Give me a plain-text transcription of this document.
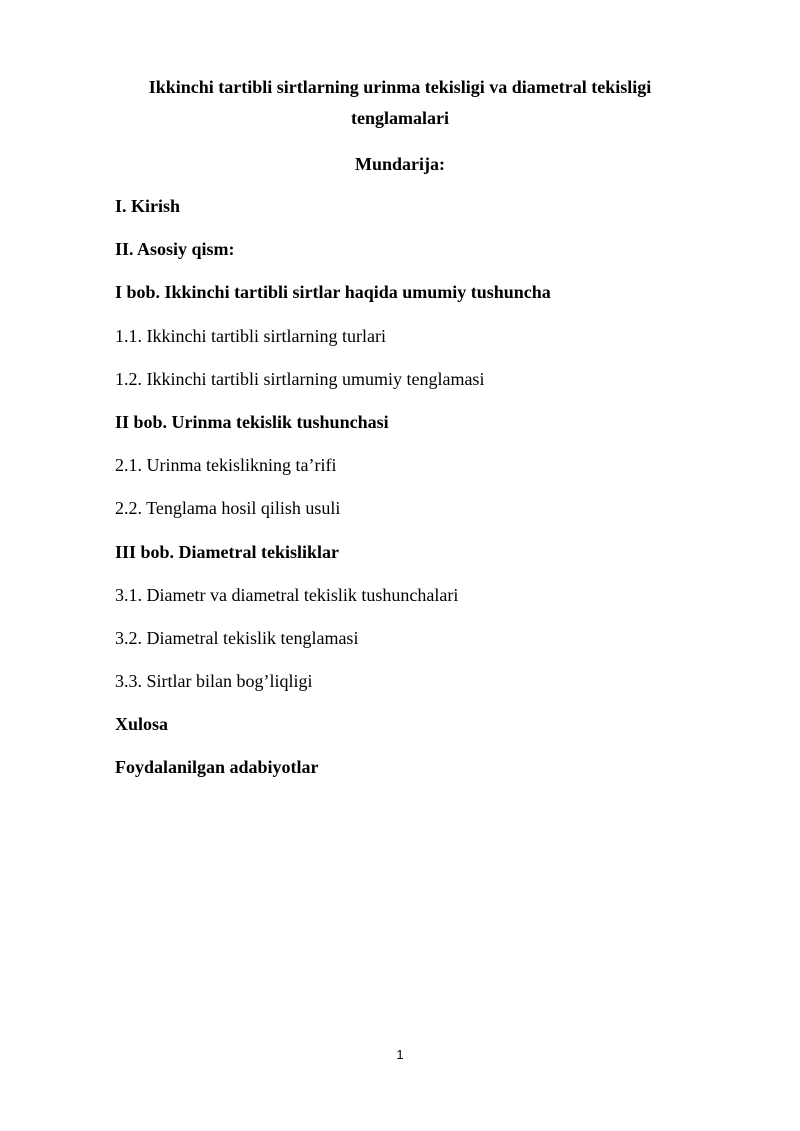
Ikkinchi tartibli sirtlarning urinma tekisligi va diametral tekisligi tenglamalari
Mundarija:
I. Kirish
II. Asosiy qism:
I bob. Ikkinchi tartibli sirtlar haqida umumiy tushuncha
1.1. Ikkinchi tartibli sirtlarning turlari
1.2. Ikkinchi tartibli sirtlarning umumiy tenglamasi
II bob. Urinma tekislik tushunchasi
2.1. Urinma tekislikning ta’rifi
2.2. Tenglama hosil qilish usuli
III bob. Diametral tekisliklar
3.1. Diametr va diametral tekislik tushunchalari
3.2. Diametral tekislik tenglamasi
3.3. Sirtlar bilan bog’liqligi
Xulosa
Foydalanilgan adabiyotlar
1
